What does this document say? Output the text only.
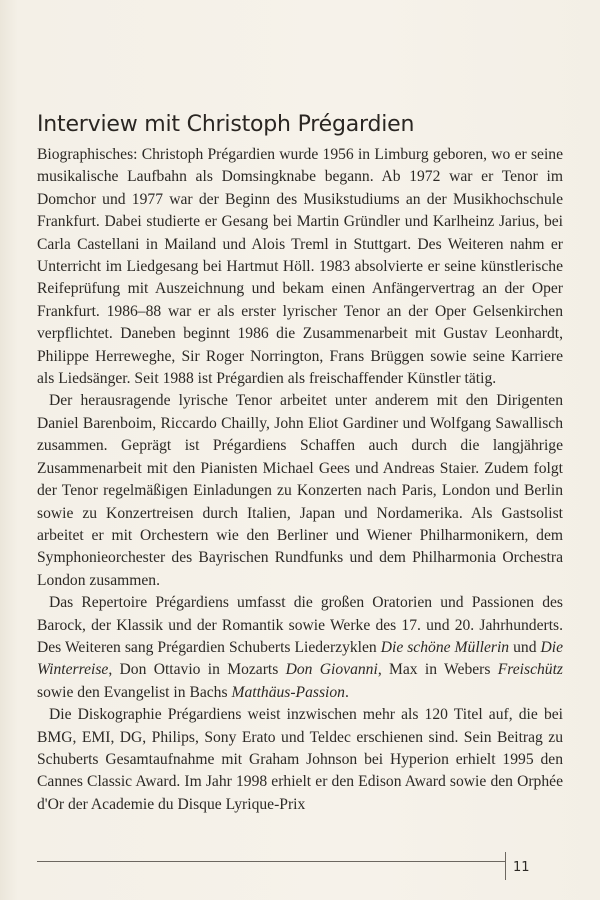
Interview mit Christoph Prégardien

Biographisches: Christoph Prégardien wurde 1956 in Limburg geboren, wo er seine musikalische Laufbahn als Domsingknabe begann. Ab 1972 war er Tenor im Domchor und 1977 war der Beginn des Musikstudiums an der Musikhochschule Frankfurt. Dabei studierte er Gesang bei Martin Gründler und Karlheinz Jarius, bei Carla Castellani in Mailand und Alois Treml in Stuttgart. Des Weiteren nahm er Unterricht im Liedgesang bei Hartmut Höll. 1983 absolvierte er seine künstlerische Reifeprüfung mit Auszeichnung und bekam einen Anfängervertrag an der Oper Frankfurt. 1986–88 war er als erster lyrischer Tenor an der Oper Gelsenkirchen verpflichtet. Daneben beginnt 1986 die Zusammenarbeit mit Gustav Leonhardt, Philippe Herreweghe, Sir Roger Norrington, Frans Brüggen sowie seine Karriere als Liedsänger. Seit 1988 ist Prégardien als freischaffender Künstler tätig.

Der herausragende lyrische Tenor arbeitet unter anderem mit den Dirigenten Daniel Barenboim, Riccardo Chailly, John Eliot Gardiner und Wolfgang Sawallisch zusammen. Geprägt ist Prégardiens Schaffen auch durch die langjährige Zusammenarbeit mit den Pianisten Michael Gees und Andreas Staier. Zudem folgt der Tenor regelmäßigen Einladungen zu Konzerten nach Paris, London und Berlin sowie zu Konzertreisen durch Italien, Japan und Nordamerika. Als Gastsolist arbeitet er mit Orchestern wie den Berliner und Wiener Philharmonikern, dem Symphonieorchester des Bayrischen Rundfunks und dem Philharmonia Orchestra London zusammen.

Das Repertoire Prégardiens umfasst die großen Oratorien und Passionen des Barock, der Klassik und der Romantik sowie Werke des 17. und 20. Jahrhunderts. Des Weiteren sang Prégardien Schuberts Liederzyklen Die schöne Müllerin und Die Winterreise, Don Ottavio in Mozarts Don Giovanni, Max in Webers Freischütz sowie den Evangelist in Bachs Matthäus-Passion.

Die Diskographie Prégardiens weist inzwischen mehr als 120 Titel auf, die bei BMG, EMI, DG, Philips, Sony Erato und Teldec erschienen sind. Sein Beitrag zu Schuberts Gesamtaufnahme mit Graham Johnson bei Hyperion erhielt 1995 den Cannes Classic Award. Im Jahr 1998 erhielt er den Edison Award sowie den Orphée d'Or der Academie du Disque Lyrique-Prix

11
